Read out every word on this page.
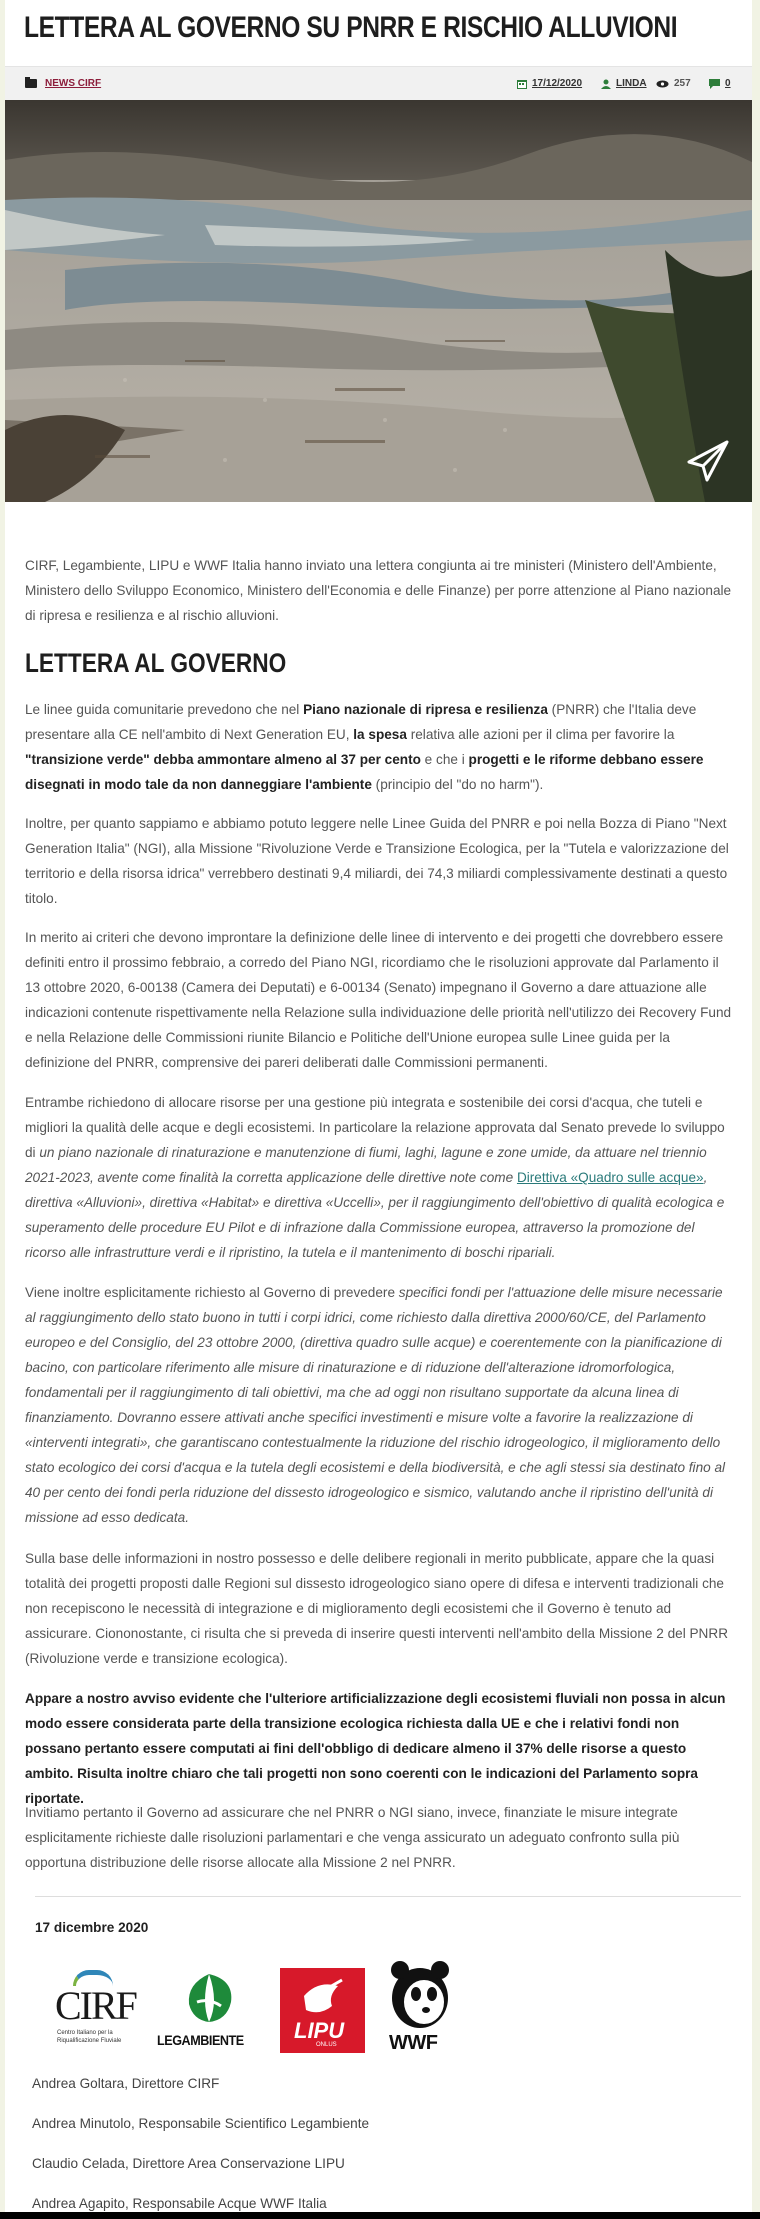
LETTERA AL GOVERNO SU PNRR E RISCHIO ALLUVIONI
NEWS CIRF	17/12/2020	LINDA	257	0

CIRF, Legambiente, LIPU e WWF Italia hanno inviato una lettera congiunta ai tre ministeri (Ministero dell'Ambiente, Ministero dello Sviluppo Economico, Ministero dell'Economia e delle Finanze) per porre attenzione al Piano nazionale di ripresa e resilienza e al rischio alluvioni.

LETTERA AL GOVERNO

Le linee guida comunitarie prevedono che nel Piano nazionale di ripresa e resilienza (PNRR) che l'Italia deve presentare alla CE nell'ambito di Next Generation EU, la spesa relativa alle azioni per il clima per favorire la "transizione verde" debba ammontare almeno al 37 per cento e che i progetti e le riforme debbano essere disegnati in modo tale da non danneggiare l'ambiente (principio del "do no harm").

Inoltre, per quanto sappiamo e abbiamo potuto leggere nelle Linee Guida del PNRR e poi nella Bozza di Piano "Next Generation Italia" (NGI), alla Missione "Rivoluzione Verde e Transizione Ecologica, per la "Tutela e valorizzazione del territorio e della risorsa idrica" verrebbero destinati 9,4 miliardi, dei 74,3 miliardi complessivamente destinati a questo titolo.

In merito ai criteri che devono improntare la definizione delle linee di intervento e dei progetti che dovrebbero essere definiti entro il prossimo febbraio, a corredo del Piano NGI, ricordiamo che le risoluzioni approvate dal Parlamento il 13 ottobre 2020, 6-00138 (Camera dei Deputati) e 6-00134 (Senato) impegnano il Governo a dare attuazione alle indicazioni contenute rispettivamente nella Relazione sulla individuazione delle priorità nell'utilizzo dei Recovery Fund e nella Relazione delle Commissioni riunite Bilancio e Politiche dell'Unione europea sulle Linee guida per la definizione del PNRR, comprensive dei pareri deliberati dalle Commissioni permanenti.

Entrambe richiedono di allocare risorse per una gestione più integrata e sostenibile dei corsi d'acqua, che tuteli e migliori la qualità delle acque e degli ecosistemi. In particolare la relazione approvata dal Senato prevede lo sviluppo di un piano nazionale di rinaturazione e manutenzione di fiumi, laghi, lagune e zone umide, da attuare nel triennio 2021-2023, avente come finalità la corretta applicazione delle direttive note come Direttiva «Quadro sulle acque», direttiva «Alluvioni», direttiva «Habitat» e direttiva «Uccelli», per il raggiungimento dell'obiettivo di qualità ecologica e superamento delle procedure EU Pilot e di infrazione dalla Commissione europea, attraverso la promozione del ricorso alle infrastrutture verdi e il ripristino, la tutela e il mantenimento di boschi ripariali.

Viene inoltre esplicitamente richiesto al Governo di prevedere specifici fondi per l'attuazione delle misure necessarie al raggiungimento dello stato buono in tutti i corpi idrici, come richiesto dalla direttiva 2000/60/CE, del Parlamento europeo e del Consiglio, del 23 ottobre 2000, (direttiva quadro sulle acque) e coerentemente con la pianificazione di bacino, con particolare riferimento alle misure di rinaturazione e di riduzione dell'alterazione idromorfologica, fondamentali per il raggiungimento di tali obiettivi, ma che ad oggi non risultano supportate da alcuna linea di finanziamento. Dovranno essere attivati anche specifici investimenti e misure volte a favorire la realizzazione di «interventi integrati», che garantiscano contestualmente la riduzione del rischio idrogeologico, il miglioramento dello stato ecologico dei corsi d'acqua e la tutela degli ecosistemi e della biodiversità, e che agli stessi sia destinato fino al 40 per cento dei fondi perla riduzione del dissesto idrogeologico e sismico, valutando anche il ripristino dell'unità di missione ad esso dedicata.

Sulla base delle informazioni in nostro possesso e delle delibere regionali in merito pubblicate, appare che la quasi totalità dei progetti proposti dalle Regioni sul dissesto idrogeologico siano opere di difesa e interventi tradizionali che non recepiscono le necessità di integrazione e di miglioramento degli ecosistemi che il Governo è tenuto ad assicurare. Ciononostante, ci risulta che si preveda di inserire questi interventi nell'ambito della Missione 2 del PNRR (Rivoluzione verde e transizione ecologica).

Appare a nostro avviso evidente che l'ulteriore artificializzazione degli ecosistemi fluviali non possa in alcun modo essere considerata parte della transizione ecologica richiesta dalla UE e che i relativi fondi non possano pertanto essere computati ai fini dell'obbligo di dedicare almeno il 37% delle risorse a questo ambito. Risulta inoltre chiaro che tali progetti non sono coerenti con le indicazioni del Parlamento sopra riportate.

Invitiamo pertanto il Governo ad assicurare che nel PNRR o NGI siano, invece, finanziate le misure integrate esplicitamente richieste dalle risoluzioni parlamentari e che venga assicurato un adeguato confronto sulla più opportuna distribuzione delle risorse allocate alla Missione 2 nel PNRR.

17 dicembre 2020
CIRF
Centro Italiano per la
Riqualificazione Fluviale	LEGAMBIENTE LIPU
ONLUS	WWF
Andrea Goltara, Direttore CIRF
Andrea Minutolo, Responsabile Scientifico Legambiente
Claudio Celada, Direttore Area Conservazione LIPU
Andrea Agapito, Responsabile Acque WWF Italia
